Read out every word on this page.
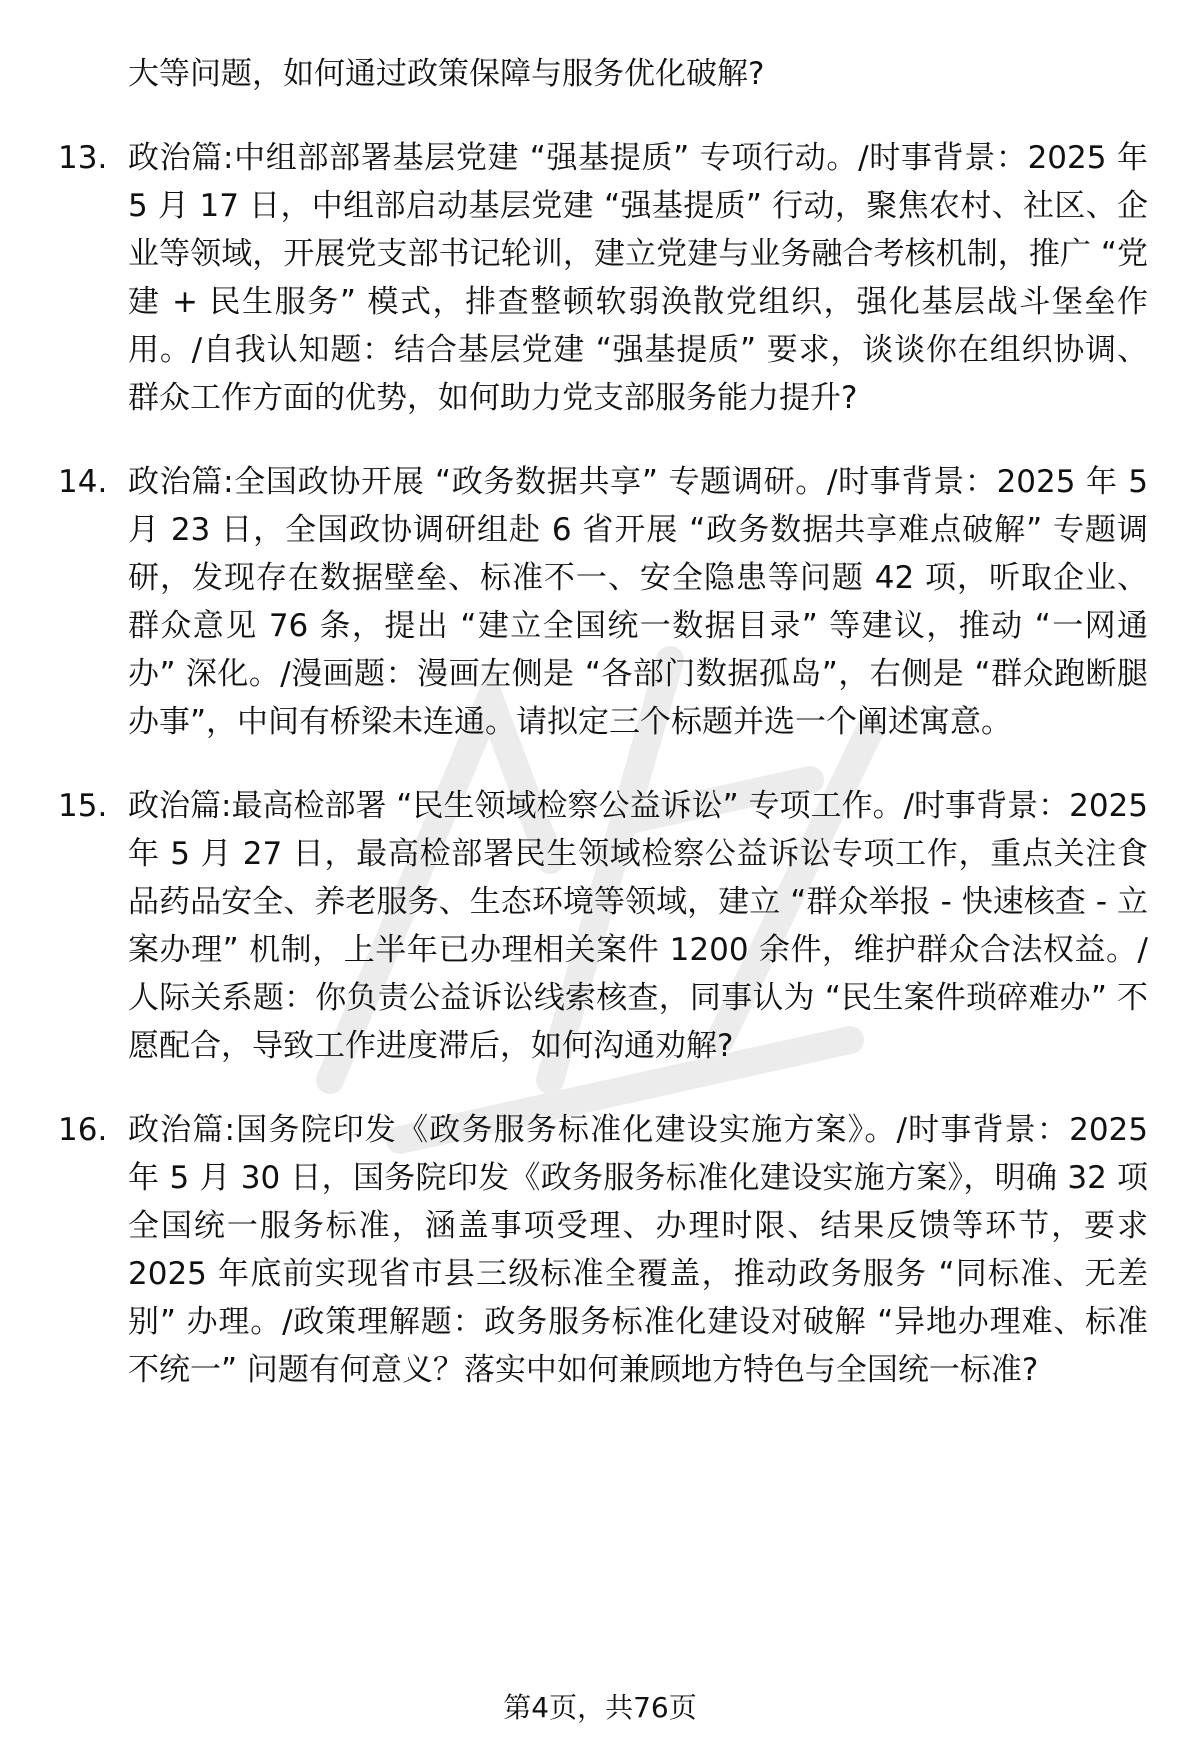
大等问题，如何通过政策保障与服务优化破解?

13. 政治篇:中组部部署基层党建 “强基提质” 专项行动。/时事背景：2025 年 5 月 17 日，中组部启动基层党建 “强基提质” 行动，聚焦农村、社区、企业等领域，开展党支部书记轮训，建立党建与业务融合考核机制，推广 “党建 + 民生服务” 模式，排查整顿软弱涣散党组织，强化基层战斗堡垒作用。/自我认知题：结合基层党建 “强基提质” 要求，谈谈你在组织协调、群众工作方面的优势，如何助力党支部服务能力提升?
14. 政治篇:全国政协开展 “政务数据共享” 专题调研。/时事背景：2025 年 5 月 23 日，全国政协调研组赴 6 省开展 “政务数据共享难点破解” 专题调研，发现存在数据壁垒、标准不一、安全隐患等问题 42 项，听取企业、群众意见 76 条，提出 “建立全国统一数据目录” 等建议，推动 “一网通办” 深化。/漫画题：漫画左侧是 “各部门数据孤岛”，右侧是 “群众跑断腿办事”，中间有桥梁未连通。请拟定三个标题并选一个阐述寓意。
15. 政治篇:最高检部署 “民生领域检察公益诉讼” 专项工作。/时事背景：2025 年 5 月 27 日，最高检部署民生领域检察公益诉讼专项工作，重点关注食品药品安全、养老服务、生态环境等领域，建立 “群众举报 - 快速核查 - 立案办理” 机制，上半年已办理相关案件 1200 余件，维护群众合法权益。/人际关系题：你负责公益诉讼线索核查，同事认为 “民生案件琐碎难办” 不愿配合，导致工作进度滞后，如何沟通劝解?
16. 政治篇:国务院印发《政务服务标准化建设实施方案》。/时事背景：2025 年 5 月 30 日，国务院印发《政务服务标准化建设实施方案》，明确 32 项全国统一服务标准，涵盖事项受理、办理时限、结果反馈等环节，要求 2025 年底前实现省市县三级标准全覆盖，推动政务服务 “同标准、无差别” 办理。/政策理解题：政务服务标准化建设对破解 “异地办理难、标准不统一” 问题有何意义？落实中如何兼顾地方特色与全国统一标准?
第4页，共76页
